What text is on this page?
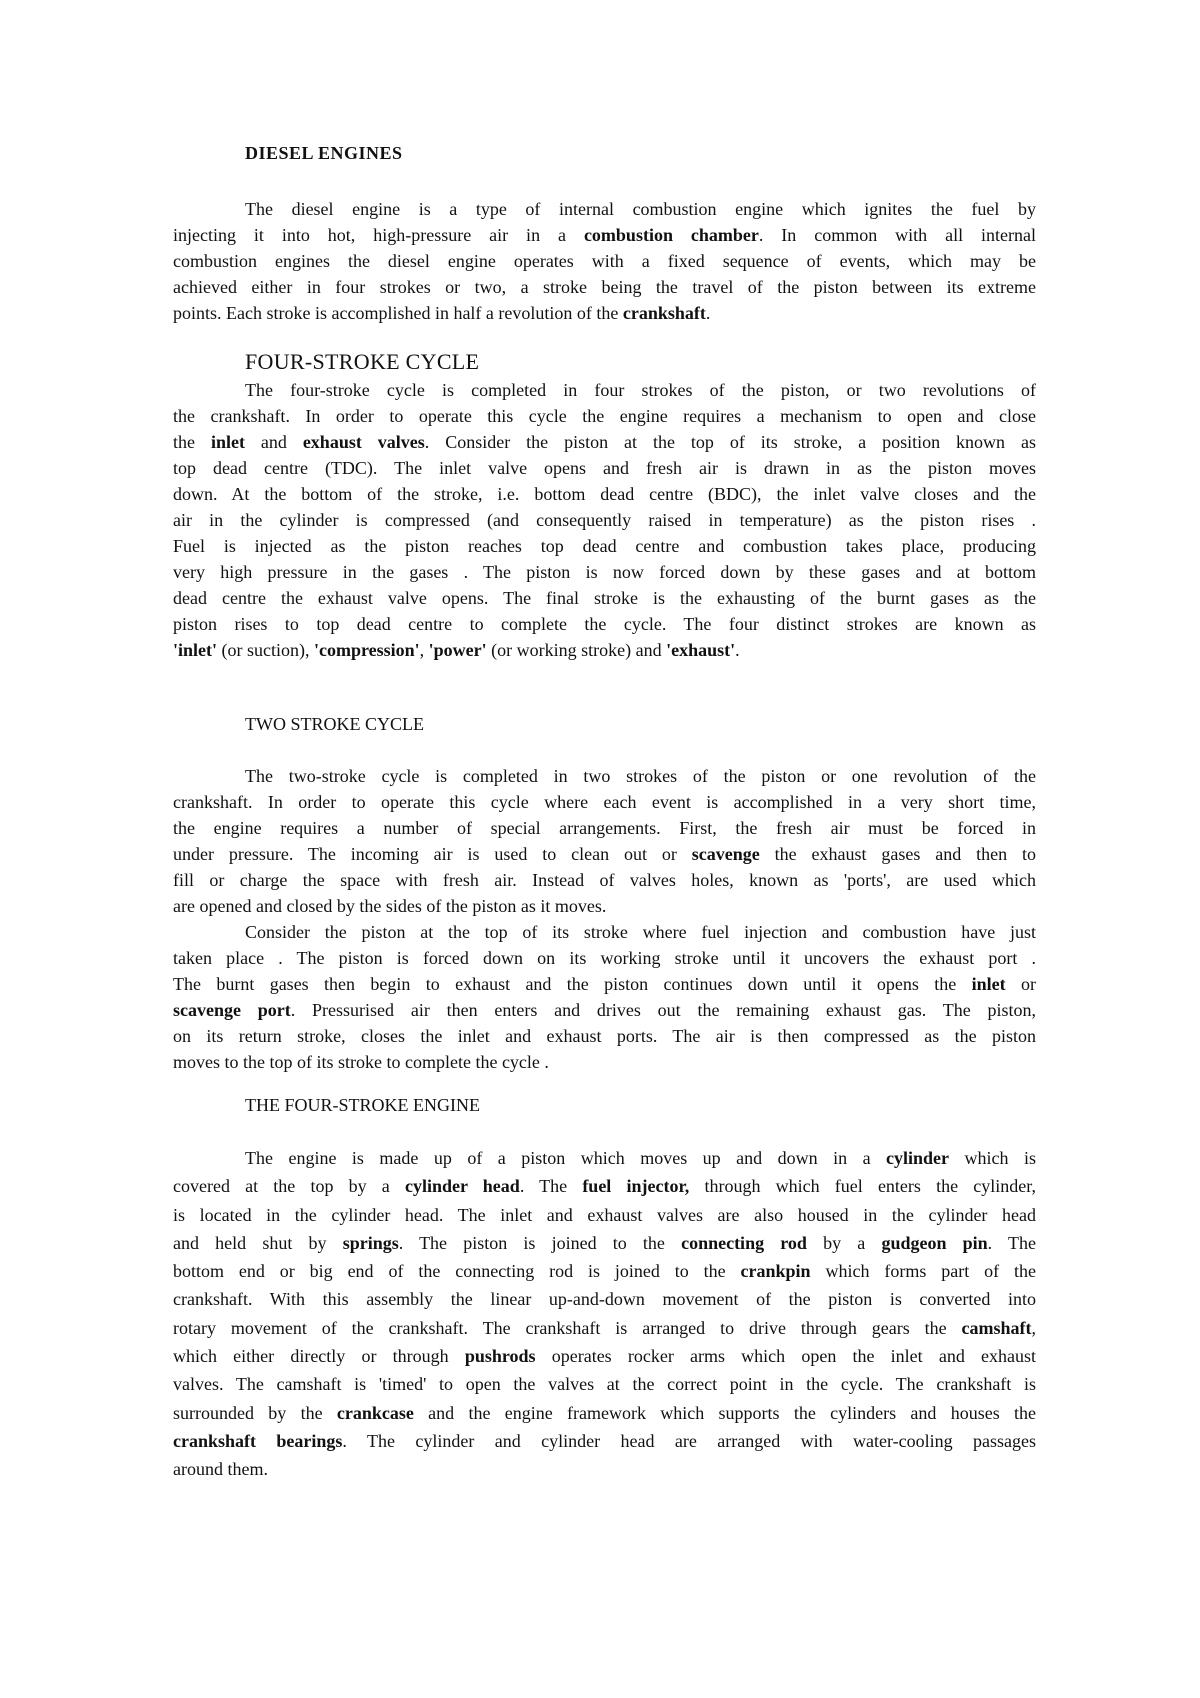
DIESEL ENGINES
The diesel engine is a type of internal combustion engine which ignites the fuel by
injecting it into hot, high-pressure air in a combustion chamber. In common with all internal
combustion engines the diesel engine operates with a fixed sequence of events, which may be
achieved either in four strokes or two, a stroke being the travel of the piston between its extreme
points. Each stroke is accomplished in half a revolution of the crankshaft.
FOUR-STROKE CYCLE
The four-stroke cycle is completed in four strokes of the piston, or two revolutions of
the crankshaft. In order to operate this cycle the engine requires a mechanism to open and close
the inlet and exhaust valves. Consider the piston at the top of its stroke, a position known as
top dead centre (TDC). The inlet valve opens and fresh air is drawn in as the piston moves
down. At the bottom of the stroke, i.e. bottom dead centre (BDC), the inlet valve closes and the
air in the cylinder is compressed (and consequently raised in temperature) as the piston rises .
Fuel is injected as the piston reaches top dead centre and combustion takes place, producing
very high pressure in the gases . The piston is now forced down by these gases and at bottom
dead centre the exhaust valve opens. The final stroke is the exhausting of the burnt gases as the
piston rises to top dead centre to complete the cycle. The four distinct strokes are known as
'inlet' (or suction), 'compression', 'power' (or working stroke) and 'exhaust'.
TWO STROKE CYCLE
The two-stroke cycle is completed in two strokes of the piston or one revolution of the
crankshaft. In order to operate this cycle where each event is accomplished in a very short time,
the engine requires a number of special arrangements. First, the fresh air must be forced in
under pressure. The incoming air is used to clean out or scavenge the exhaust gases and then to
fill or charge the space with fresh air. Instead of valves holes, known as 'ports', are used which
are opened and closed by the sides of the piston as it moves.
Consider the piston at the top of its stroke where fuel injection and combustion have just
taken place . The piston is forced down on its working stroke until it uncovers the exhaust port .
The burnt gases then begin to exhaust and the piston continues down until it opens the inlet or
scavenge port. Pressurised air then enters and drives out the remaining exhaust gas. The piston,
on its return stroke, closes the inlet and exhaust ports. The air is then compressed as the piston
moves to the top of its stroke to complete the cycle .
THE FOUR-STROKE ENGINE
The engine is made up of a piston which moves up and down in a cylinder which is
covered at the top by a cylinder head. The fuel injector, through which fuel enters the cylinder,
is located in the cylinder head. The inlet and exhaust valves are also housed in the cylinder head
and held shut by springs. The piston is joined to the connecting rod by a gudgeon pin. The
bottom end or big end of the connecting rod is joined to the crankpin which forms part of the
crankshaft. With this assembly the linear up-and-down movement of the piston is converted into
rotary movement of the crankshaft. The crankshaft is arranged to drive through gears the camshaft,
which either directly or through pushrods operates rocker arms which open the inlet and exhaust
valves. The camshaft is 'timed' to open the valves at the correct point in the cycle. The crankshaft is
surrounded by the crankcase and the engine framework which supports the cylinders and houses the
crankshaft bearings. The cylinder and cylinder head are arranged with water-cooling passages
around them.
